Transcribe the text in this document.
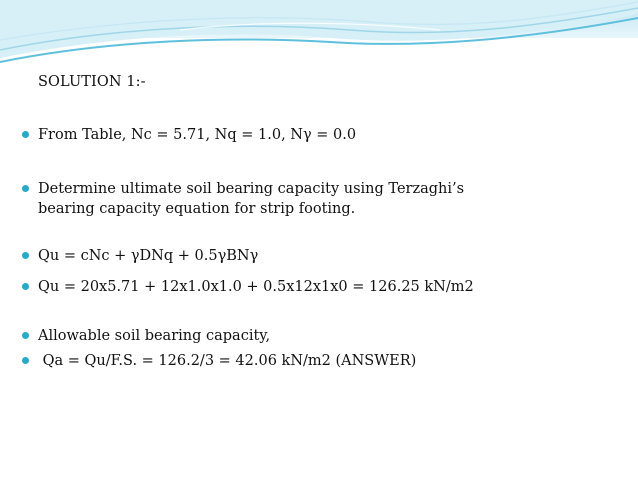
SOLUTION 1:-
From Table, Nc = 5.71, Nq = 1.0, Nγ = 0.0
Determine ultimate soil bearing capacity using Terzaghi’s bearing capacity equation for strip footing.
Qu = cNc + γDNq + 0.5γBNγ
Qu = 20x5.71 + 12x1.0x1.0 + 0.5x12x1x0 = 126.25 kN/m2
Allowable soil bearing capacity,
Qa = Qu/F.S. = 126.2/3 = 42.06 kN/m2 (ANSWER)
